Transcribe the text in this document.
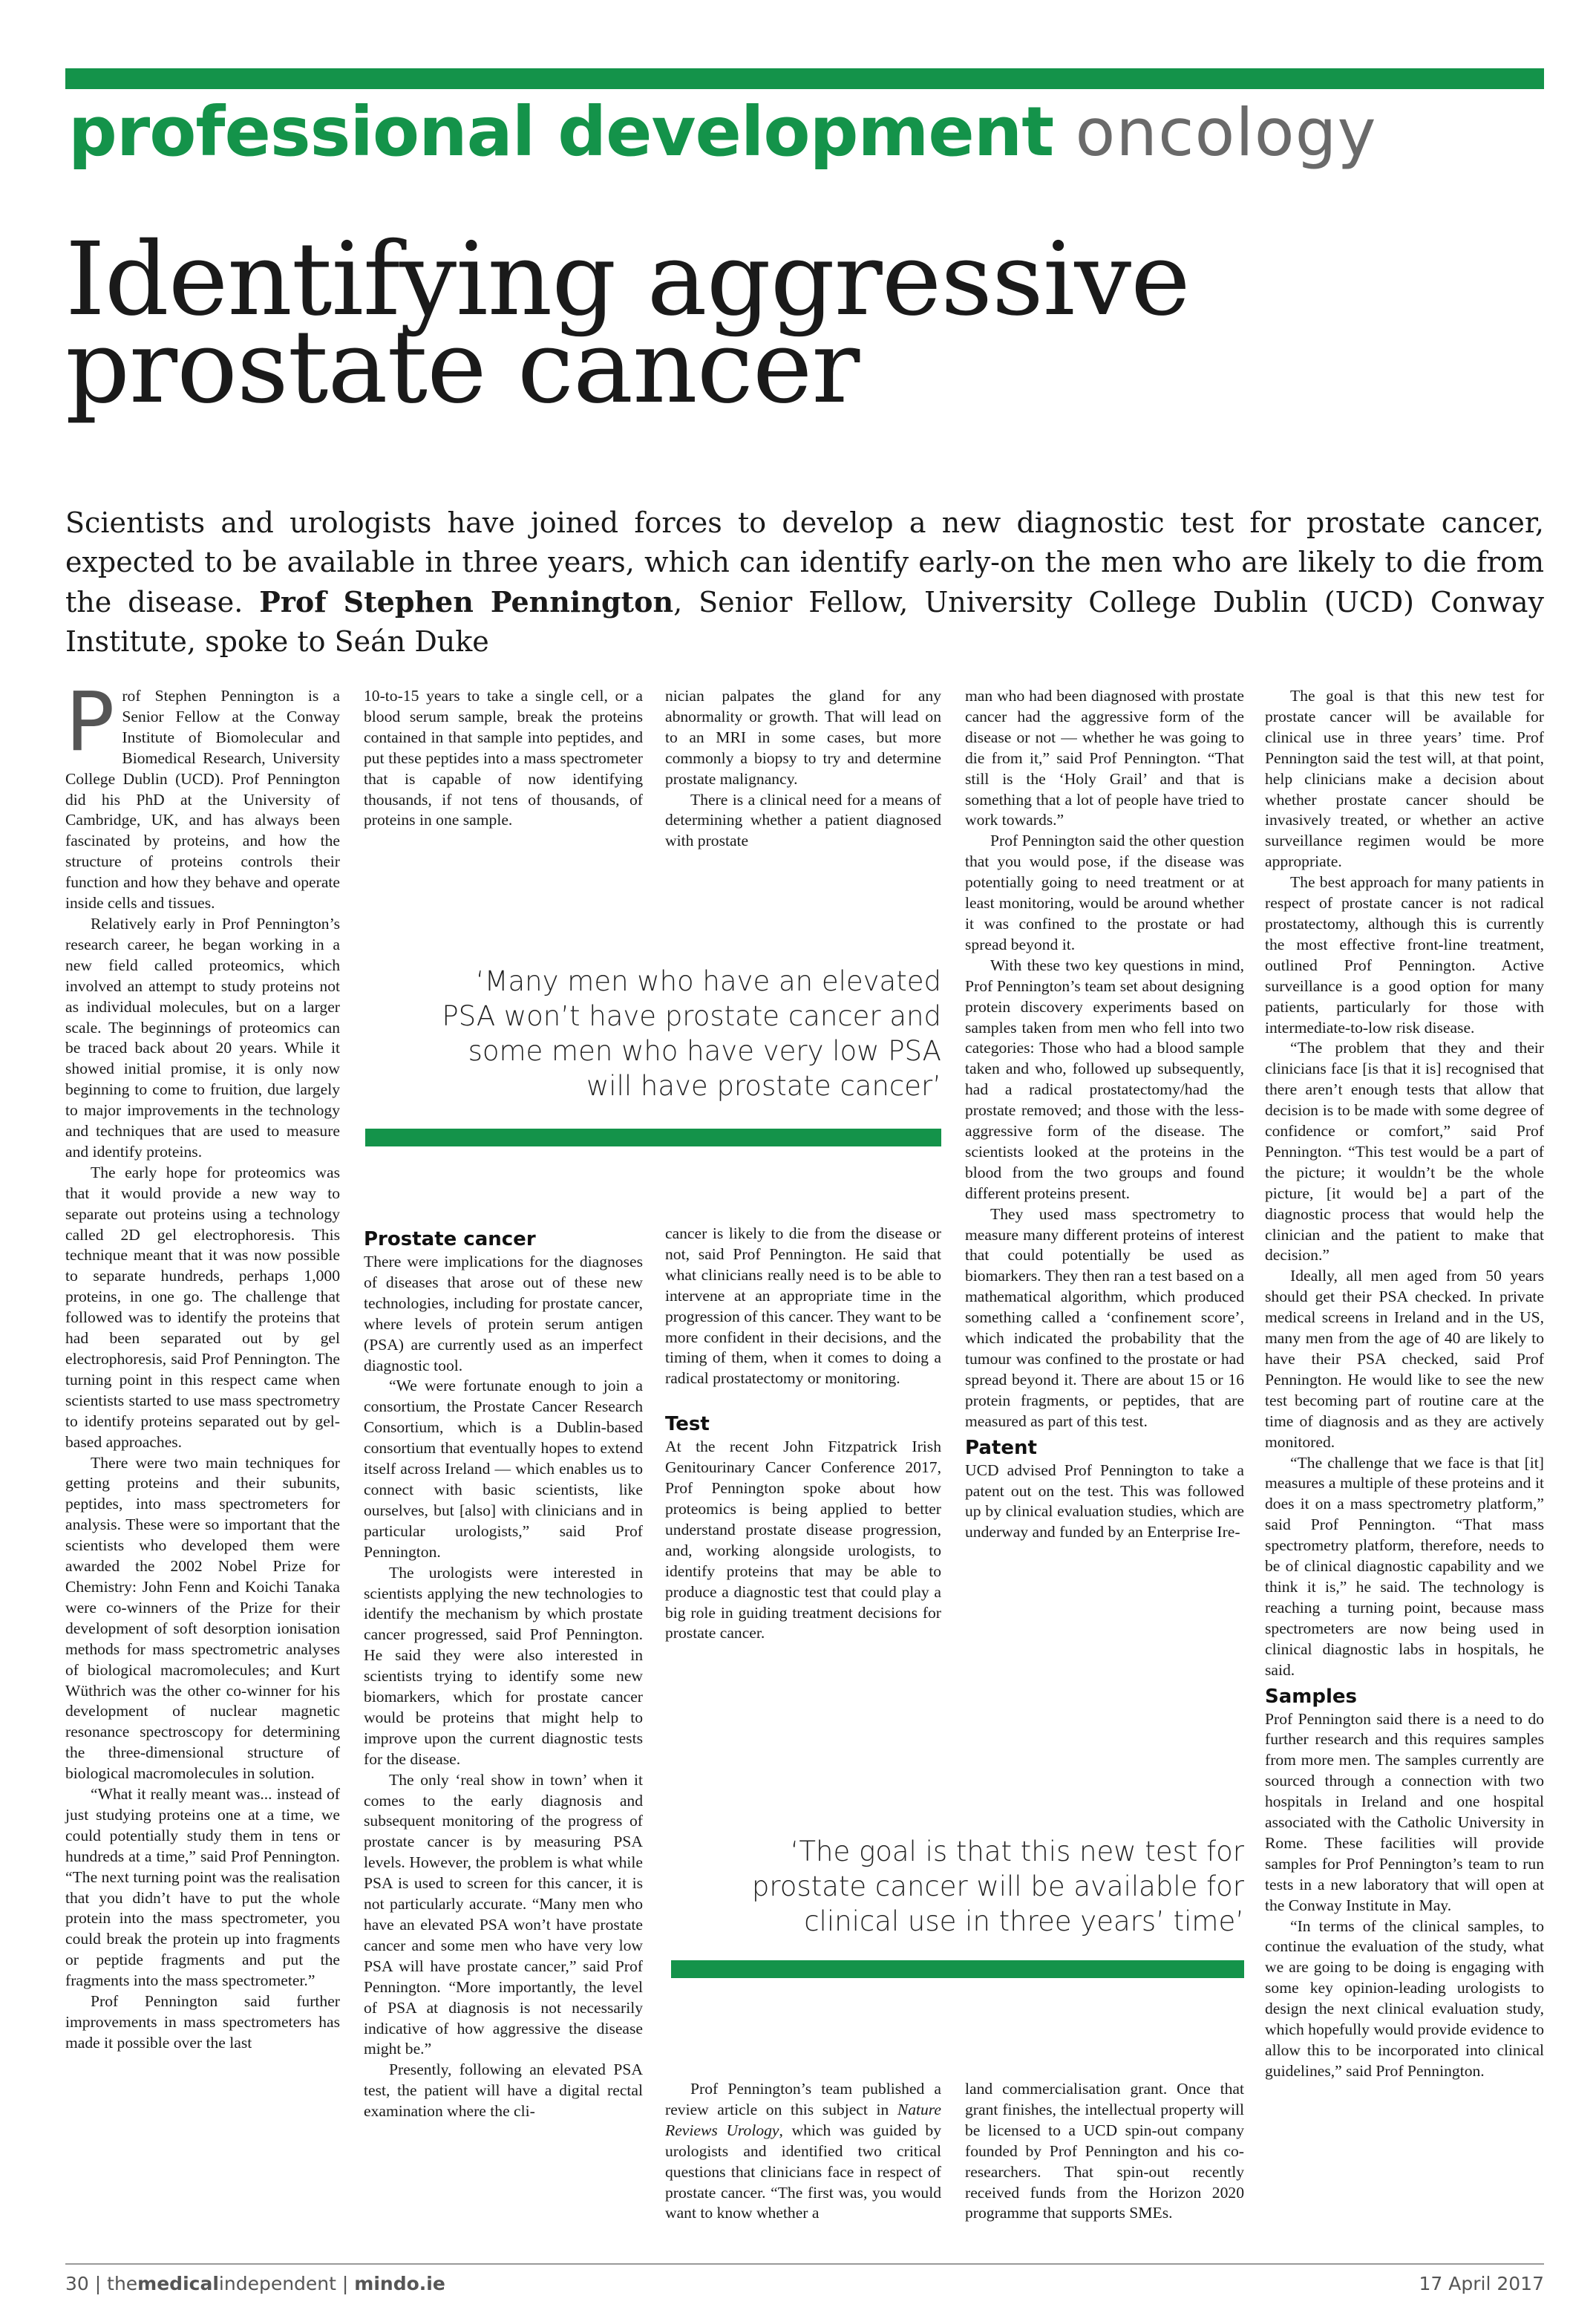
professional development oncology
Identifying aggressive
prostate cancer

Scientists and urologists have joined forces to develop a new diagnostic test for prostate cancer, expected to be available in three years, which can identify early-on the men who are likely to die from the disease. Prof Stephen Pennington, Senior Fellow, University College Dublin (UCD) Conway Institute, spoke to Seán Duke

Prof Stephen Pennington is a Senior Fellow at the Conway Institute of Biomolecular and Biomedical Research, University College Dublin (UCD). Prof Pennington did his PhD at the University of Cambridge, UK, and has always been fascinated by proteins, and how the structure of proteins controls their function and how they behave and operate inside cells and tissues.

Relatively early in Prof Pennington’s research career, he began working in a new field called proteomics, which involved an attempt to study proteins not as individual molecules, but on a larger scale. The beginnings of proteomics can be traced back about 20 years. While it showed initial promise, it is only now beginning to come to fruition, due largely to major improvements in the technology and techniques that are used to measure and identify proteins.

The early hope for proteomics was that it would provide a new way to separate out proteins using a technology called 2D gel electrophoresis. This technique meant that it was now possible to separate hundreds, perhaps 1,000 proteins, in one go. The challenge that followed was to identify the proteins that had been separated out by gel electrophoresis, said Prof Pennington. The turning point in this respect came when scientists started to use mass spectrometry to identify proteins separated out by gel-based approaches.

There were two main techniques for getting proteins and their subunits, peptides, into mass spectrometers for analysis. These were so important that the scientists who developed them were awarded the 2002 Nobel Prize for Chemistry: John Fenn and Koichi Tanaka were co-winners of the Prize for their development of soft desorption ionisation methods for mass spectrometric analyses of biological macromolecules; and Kurt Wüthrich was the other co-winner for his development of nuclear magnetic resonance spectroscopy for determining the three-dimensional structure of biological macromolecules in solution.

“What it really meant was... instead of just studying proteins one at a time, we could potentially study them in tens or hundreds at a time,” said Prof Pennington. “The next turning point was the realisation that you didn’t have to put the whole protein into the mass spectrometer, you could break the protein up into fragments or peptide fragments and put the fragments into the mass spectrometer.”

Prof Pennington said further improvements in mass spectrometers has made it possible over the last

10-to-15 years to take a single cell, or a blood serum sample, break the proteins contained in that sample into peptides, and put these peptides into a mass spectrometer that is capable of now identifying thousands, if not tens of thousands, of proteins in one sample.

nician palpates the gland for any abnormality or growth. That will lead on to an MRI in some cases, but more commonly a biopsy to try and determine prostate malignancy.

There is a clinical need for a means of determining whether a patient diagnosed with prostate

man who had been diagnosed with prostate cancer had the aggressive form of the disease or not — whether he was going to die from it,” said Prof Pennington. “That still is the ‘Holy Grail’ and that is something that a lot of people have tried to work towards.”

Prof Pennington said the other question that you would pose, if the disease was potentially going to need treatment or at least monitoring, would be around whether it was confined to the prostate or had spread beyond it.

With these two key questions in mind, Prof Pennington’s team set about designing protein discovery experiments based on samples taken from men who fell into two categories: Those who had a blood sample taken and who, followed up subsequently, had a radical prostatectomy/had the prostate removed; and those with the less-aggressive form of the disease. The scientists looked at the proteins in the blood from the two groups and found different proteins present.

They used mass spectrometry to measure many different proteins of interest that could potentially be used as biomarkers. They then ran a test based on a mathematical algorithm, which produced something called a ‘confinement score’, which indicated the probability that the tumour was confined to the prostate or had spread beyond it. There are about 15 or 16 protein fragments, or peptides, that are measured as part of this test.

Patent

UCD advised Prof Pennington to take a patent out on the test. This was followed up by clinical evaluation studies, which are underway and funded by an Enterprise Ire-

The goal is that this new test for prostate cancer will be available for clinical use in three years’ time. Prof Pennington said the test will, at that point, help clinicians make a decision about whether prostate cancer should be invasively treated, or whether an active surveillance regimen would be more appropriate.

The best approach for many patients in respect of prostate cancer is not radical prostatectomy, although this is currently the most effective front-line treatment, outlined Prof Pennington. Active surveillance is a good option for many patients, particularly for those with intermediate-to-low risk disease.

“The problem that they and their clinicians face [is that it is] recognised that there aren’t enough tests that allow that decision is to be made with some degree of confidence or comfort,” said Prof Pennington. “This test would be a part of the picture; it wouldn’t be the whole picture, [it would be] a part of the diagnostic process that would help the clinician and the patient to make that decision.”

Ideally, all men aged from 50 years should get their PSA checked. In private medical screens in Ireland and in the US, many men from the age of 40 are likely to have their PSA checked, said Prof Pennington. He would like to see the new test becoming part of routine care at the time of diagnosis and as they are actively monitored.

“The challenge that we face is that [it] measures a multiple of these proteins and it does it on a mass spectrometry platform,” said Prof Pennington. “That mass spectrometry platform, therefore, needs to be of clinical diagnostic capability and we think it is,” he said. The technology is reaching a turning point, because mass spectrometers are now being used in clinical diagnostic labs in hospitals, he said.

Samples

Prof Pennington said there is a need to do further research and this requires samples from more men. The samples currently are sourced through a connection with two hospitals in Ireland and one hospital associated with the Catholic University in Rome. These facilities will provide samples for Prof Pennington’s team to run tests in a new laboratory that will open at the Conway Institute in May.

“In terms of the clinical samples, to continue the evaluation of the study, what we are going to be doing is engaging with some key opinion-leading urologists to design the next clinical evaluation study, which hopefully would provide evidence to allow this to be incorporated into clinical guidelines,” said Prof Pennington.

‘Many men who have an elevated PSA won’t have prostate cancer and some men who have very low PSA will have prostate cancer’
Prostate cancer

There were implications for the diagnoses of diseases that arose out of these new technologies, including for prostate cancer, where levels of protein serum antigen (PSA) are currently used as an imperfect diagnostic tool.

“We were fortunate enough to join a consortium, the Prostate Cancer Research Consortium, which is a Dublin-based consortium that eventually hopes to extend itself across Ireland — which enables us to connect with basic scientists, like ourselves, but [also] with clinicians and in particular urologists,” said Prof Pennington.

The urologists were interested in scientists applying the new technologies to identify the mechanism by which prostate cancer progressed, said Prof Pennington. He said they were also interested in scientists trying to identify some new biomarkers, which for prostate cancer would be proteins that might help to improve upon the current diagnostic tests for the disease.

The only ‘real show in town’ when it comes to the early diagnosis and subsequent monitoring of the progress of prostate cancer is by measuring PSA levels. However, the problem is what while PSA is used to screen for this cancer, it is not particularly accurate. “Many men who have an elevated PSA won’t have prostate cancer and some men who have very low PSA will have prostate cancer,” said Prof Pennington. “More importantly, the level of PSA at diagnosis is not necessarily indicative of how aggressive the disease might be.”

Presently, following an elevated PSA test, the patient will have a digital rectal examination where the cli-

cancer is likely to die from the disease or not, said Prof Pennington. He said that what clinicians really need is to be able to intervene at an appropriate time in the progression of this cancer. They want to be more confident in their decisions, and the timing of them, when it comes to doing a radical prostatectomy or monitoring.

Test

At the recent John Fitzpatrick Irish Genitourinary Cancer Conference 2017, Prof Pennington spoke about how proteomics is being applied to better understand prostate disease progression, and, working alongside urologists, to identify proteins that may be able to produce a diagnostic test that could play a big role in guiding treatment decisions for prostate cancer.

‘The goal is that this new test for prostate cancer will be available for clinical use in three years’ time’

Prof Pennington’s team published a review article on this subject in Nature Reviews Urology, which was guided by urologists and identified two critical questions that clinicians face in respect of prostate cancer. “The first was, you would want to know whether a

land commercialisation grant. Once that grant finishes, the intellectual property will be licensed to a UCD spin-out company founded by Prof Pennington and his co-researchers. That spin-out recently received funds from the Horizon 2020 programme that supports SMEs.

30 | themedicalindependent | mindo.ie	17 April 2017
